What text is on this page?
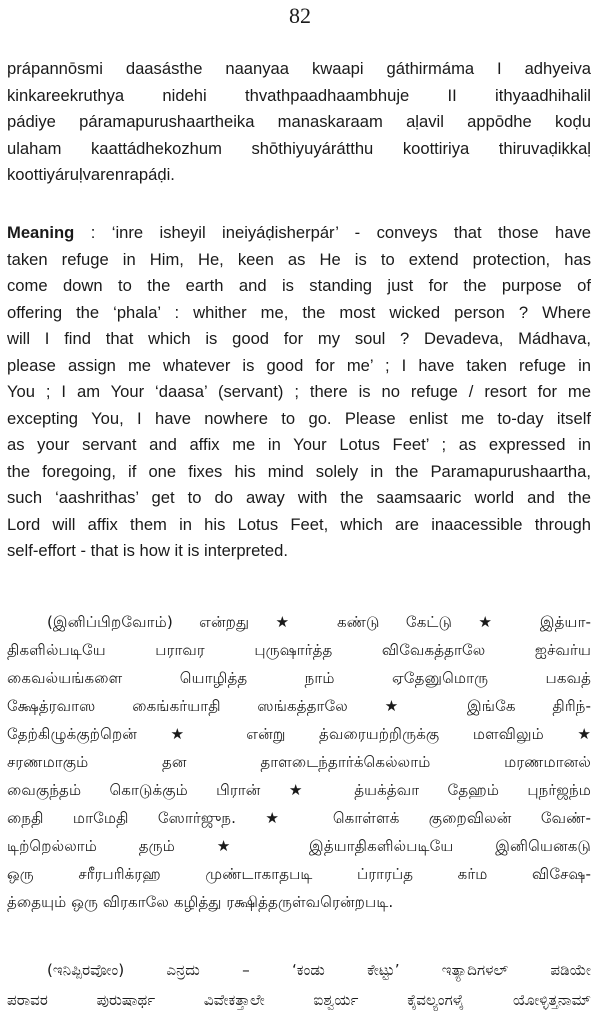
82
prápannōsmi daasásthe naanyaa kwaapi gáthirmáma I adhyeiva
kinkareekruthya nidehi thvathpaadhaambhuje II ithyaadhihalil
pádiye páramapurushaartheika manaskaraam aḷavil appōdhe koḍu
ulaham kaattádhekozhum shōthiyuyárátthu koottiriya thiruvaḍikkaḷ
koottiyáruḷvarenrapáḍi.
Meaning : ‘inre isheyil ineiyáḍisherpár’ - conveys that those have
taken refuge in Him, He, keen as He is to extend protection, has
come down to the earth and is standing just for the purpose of
offering the ‘phala’ : whither me, the most wicked person ? Where
will I find that which is good for my soul ? Devadeva, Mádhava,
please assign me whatever is good for me’ ; I have taken refuge in
You ; I am Your ‘daasa’ (servant) ; there is no refuge / resort for me
excepting You, I have nowhere to go. Please enlist me to-day itself
as your servant and affix me in Your Lotus Feet’ ; as expressed in
the foregoing, if one fixes his mind solely in the Paramapurushaartha,
such ‘aashrithas’ get to do away with the saamsaaric world and the
Lord will affix them in his Lotus Feet, which are inaacessible through
self-effort - that is how it is interpreted.
(இனிப்பிறவோம்) என்றது ★ கண்டு கேட்டு ★ இத்யா-
திகளில்படியே பராவர புருஷார்த்த விவேகத்தாலே ஐச்வர்ய
கைவல்யங்களை யொழித்த நாம் ஏதேனுமொரு பகவத்
க்ஷேத்ரவாஸ கைங்கர்யாதி ஸங்கத்தாலே ★ இங்கே திரிந்-
தேற்கிழுக்குற்றென் ★ என்று த்வரையற்றிருக்கு மளவிலும் ★
சரணமாகும் தன தாளடைந்தார்க்கெல்லாம் மரணமானல்
வைகுந்தம் கொடுக்கும் பிரான் ★ த்யக்த்வா தேஹம் புநர்ஜந்ம
நைதி மாமேதி ஸோர்ஜுந. ★ கொள்ளக் குறைவிலன் வேண்-
டிற்றெல்லாம் தரும் ★ இத்யாதிகளில்படியே இனியெனகடு
ஒரு சரீரபரிக்ரஹ முண்டாகாதபடி ப்ராரப்த கர்ம விசேஷ-
த்தையும் ஒரு விரகாலே கழித்து ரக்ஷித்தருள்வரென்றபடி.
(ಇನಿಪ್ಪಿರವೋಂ) ಎನ್ರದು – ‘ಕಂಡು ಕೇಟ್ಟು’ ಇತ್ಯಾದಿಗಳಲ್ ಪಡಿಯೇ
ಪರಾವರ ಪುರುಷಾರ್ಥ ವಿವೇಕತ್ತಾಲೇ ಐಶ್ವರ್ಯ ಕೈವಲ್ಯಂಗಳೈ ಯೋಳ್ಳಿತ್ತನಾಮ್
